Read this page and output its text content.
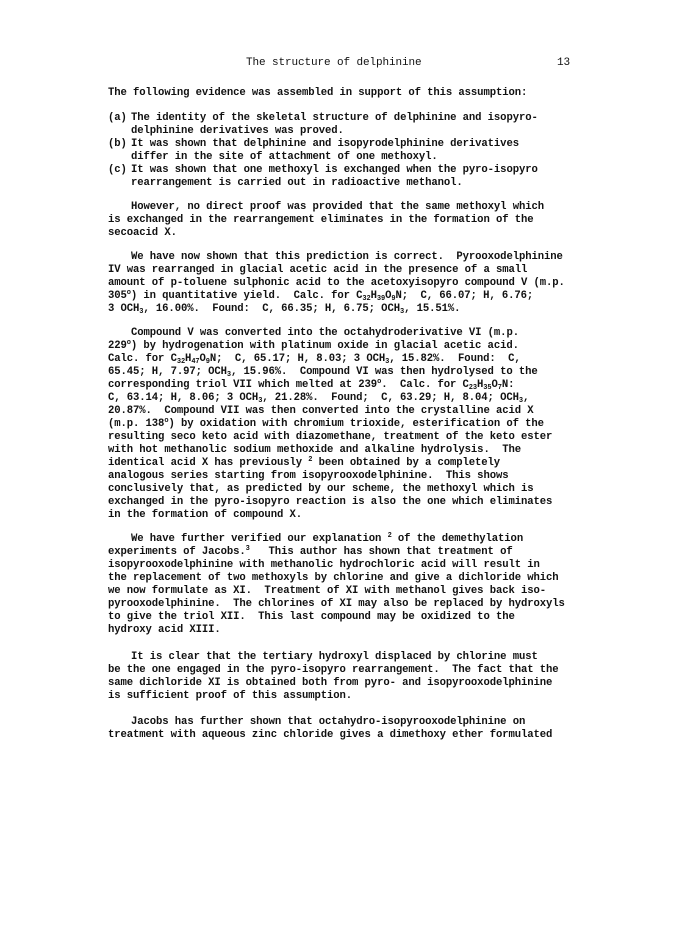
The structure of delphinine	13
The following evidence was assembled in support of this assumption:
(a) The identity of the skeletal structure of delphinine and isopyro-
delphinine derivatives was proved.
(b) It was shown that delphinine and isopyrodelphinine derivatives
differ in the site of attachment of one methoxyl.
(c) It was shown that one methoxyl is exchanged when the pyro-isopyro
rearrangement is carried out in radioactive methanol.
However, no direct proof was provided that the same methoxyl which
is exchanged in the rearrangement eliminates in the formation of the
secoacid X.
We have now shown that this prediction is correct.  Pyrooxodelphinine
IV was rearranged in glacial acetic acid in the presence of a small
amount of p-toluene sulphonic acid to the acetoxyisopyro compound V (m.p.
305$^o$) in quantitative yield.  Calc. for $C_{32}H_{39}O_9N$;  C, 66.07; H, 6.76;
3 $OCH_3$, 16.00%.  Found:  C, 66.35; H, 6.75; $OCH_3$, 15.51%.
Compound V was converted into the octahydroderivative VI (m.p.
229$^o$) by hydrogenation with platinum oxide in glacial acetic acid.
Calc. for $C_{32}H_{47}O_9N$;  C, 65.17; H, 8.03; 3 $OCH_3$, 15.82%.  Found:  C,
65.45; H, 7.97; $OCH_3$, 15.96%.  Compound VI was then hydrolysed to the
corresponding triol VII which melted at 239$^o$.  Calc. for $C_{23}H_{35}O_7N$:
C, 63.14; H, 8.06; 3 $OCH_3$, 21.28%.  Found;  C, 63.29; H, 8.04; $OCH_3$,
20.87%.  Compound VII was then converted into the crystalline acid X
(m.p. 138$^o$) by oxidation with chromium trioxide, esterification of the
resulting seco keto acid with diazomethane, treatment of the keto ester
with hot methanolic sodium methoxide and alkaline hydrolysis.  The
identical acid X has previously $^2$ been obtained by a completely
analogous series starting from isopyrooxodelphinine.  This shows
conclusively that, as predicted by our scheme, the methoxyl which is
exchanged in the pyro-isopyro reaction is also the one which eliminates
in the formation of compound X.
We have further verified our explanation $^2$ of the demethylation
experiments of Jacobs.$^3$   This author has shown that treatment of
isopyrooxodelphinine with methanolic hydrochloric acid will result in
the replacement of two methoxyls by chlorine and give a dichloride which
we now formulate as XI.  Treatment of XI with methanol gives back iso-
pyrooxodelphinine.  The chlorines of XI may also be replaced by hydroxyls
to give the triol XII.  This last compound may be oxidized to the
hydroxy acid XIII.
It is clear that the tertiary hydroxyl displaced by chlorine must
be the one engaged in the pyro-isopyro rearrangement.  The fact that the
same dichloride XI is obtained both from pyro- and isopyrooxodelphinine
is sufficient proof of this assumption.
Jacobs has further shown that octahydro-isopyrooxodelphinine on
treatment with aqueous zinc chloride gives a dimethoxy ether formulated
